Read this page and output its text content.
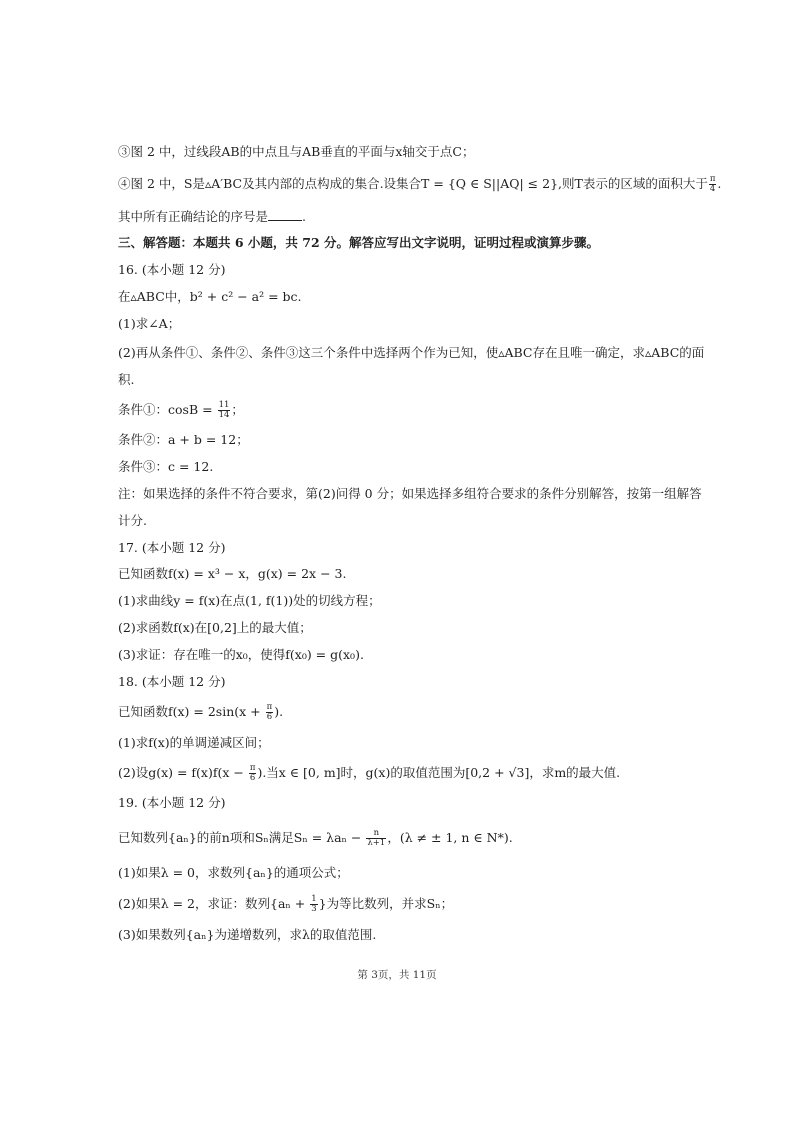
③图 2 中，过线段AB的中点且与AB垂直的平面与x轴交于点C；
④图 2 中，S是▵A′BC及其内部的点构成的集合.设集合T = {Q ∈ S||AQ| ≤ 2},则T表示的区域的面积大于 $\frac{\pi}{4}$ .
其中所有正确结论的序号是	.
三、解答题：本题共 6 小题，共 72 分。解答应写出文字说明，证明过程或演算步骤。
16. (本小题 12 分)
在▵ABC中，b² + c² − a² = bc.
(1)求∠A；
(2)再从条件①、条件②、条件③这三个条件中选择两个作为已知，使▵ABC存在且唯一确定，求▵ABC的面
积.
条件①：$\cos B = \frac{11}{14}$ ；
条件②：a + b = 12；
条件③：c = 12.
注：如果选择的条件不符合要求，第(2)问得 0 分；如果选择多组符合要求的条件分别解答，按第一组解答
计分.
17. (本小题 12 分)
已知函数f(x) = x³ − x，g(x) = 2x − 3.
(1)求曲线y = f(x)在点(1, f(1))处的切线方程；
(2)求函数f(x)在[0,2]上的最大值；
(3)求证：存在唯一的x₀，使得f(x₀) = g(x₀).
18. (本小题 12 分)
已知函数$f(x) = 2\sin(x + \frac{\pi}{6}$ ).
(1)求f(x)的单调递减区间；
(2)设$g(x) = f(x)f(x - \frac{\pi}{6}$ ).当x ∈ [0, m]时，g(x)的取值范围为[0,2 + √3]，求m的最大值.
19. (本小题 12 分)
已知数列{aₙ}的前n项和Sₙ满足$S_n = \lambda a_n - \frac{n}{\lambda+1}$ ，(λ ≠ ± 1, n ∈ N*).
(1)如果λ = 0，求数列{aₙ}的通项公式；
(2)如果λ = 2，求证：数列{$a_n + \frac{1}{3}$ }为等比数列，并求Sₙ；
(3)如果数列{aₙ}为递增数列，求λ的取值范围.
第 3页，共 11页
